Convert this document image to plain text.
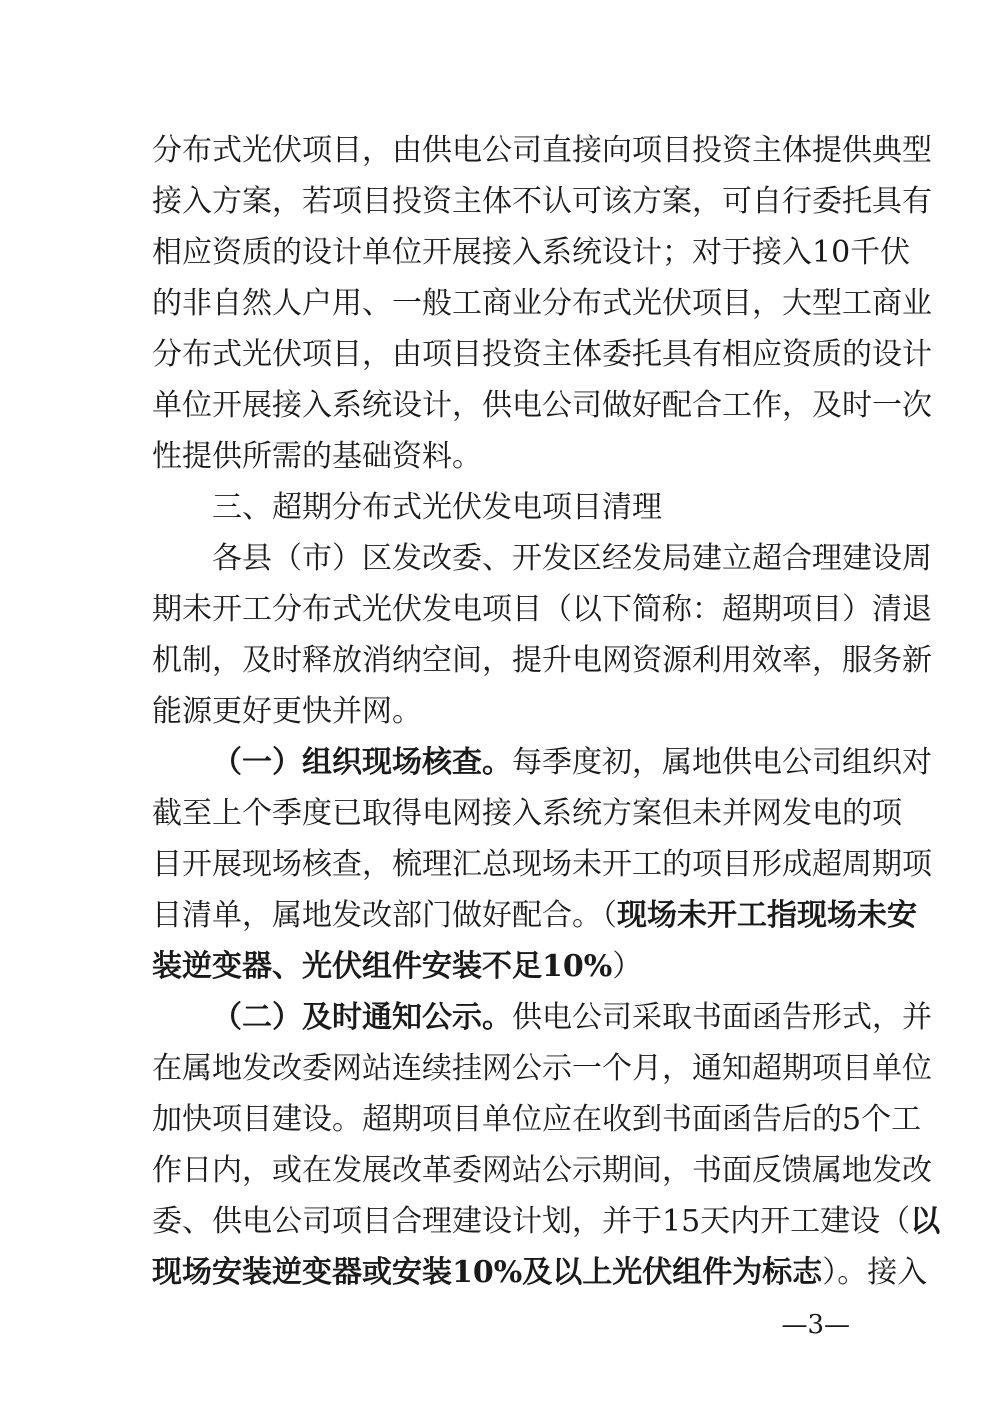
分布式光伏项目，由供电公司直接向项目投资主体提供典型
接入方案，若项目投资主体不认可该方案，可自行委托具有
相应资质的设计单位开展接入系统设计；对于接入10千伏
的非自然人户用、一般工商业分布式光伏项目，大型工商业
分布式光伏项目，由项目投资主体委托具有相应资质的设计
单位开展接入系统设计，供电公司做好配合工作，及时一次
性提供所需的基础资料。
三、超期分布式光伏发电项目清理
各县（市）区发改委、开发区经发局建立超合理建设周
期未开工分布式光伏发电项目（以下简称：超期项目）清退
机制，及时释放消纳空间，提升电网资源利用效率，服务新
能源更好更快并网。
（一）组织现场核查。每季度初，属地供电公司组织对
截至上个季度已取得电网接入系统方案但未并网发电的项
目开展现场核查，梳理汇总现场未开工的项目形成超周期项
目清单，属地发改部门做好配合。（现场未开工指现场未安
装逆变器、光伏组件安装不足10%）
（二）及时通知公示。供电公司采取书面函告形式，并
在属地发改委网站连续挂网公示一个月，通知超期项目单位
加快项目建设。超期项目单位应在收到书面函告后的5个工
作日内，或在发展改革委网站公示期间，书面反馈属地发改
委、供电公司项目合理建设计划，并于15天内开工建设（以
现场安装逆变器或安装10%及以上光伏组件为标志）。接入
—3—
